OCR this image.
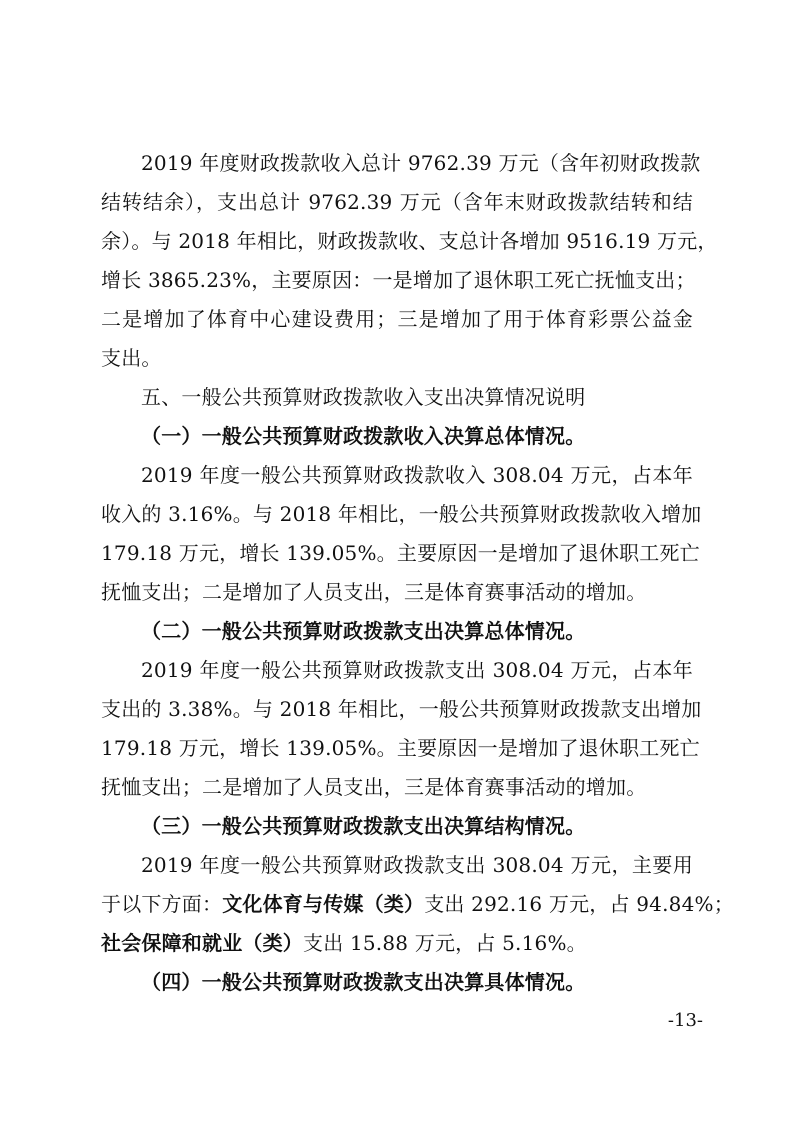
2019 年度财政拨款收入总计 9762.39 万元（含年初财政拨款
结转结余），支出总计 9762.39 万元（含年末财政拨款结转和结
余）。与 2018 年相比，财政拨款收、支总计各增加 9516.19 万元，
增长 3865.23%，主要原因：一是增加了退休职工死亡抚恤支出；
二是增加了体育中心建设费用；三是增加了用于体育彩票公益金
支出。
五、一般公共预算财政拨款收入支出决算情况说明
（一）一般公共预算财政拨款收入决算总体情况。
2019 年度一般公共预算财政拨款收入 308.04 万元，占本年
收入的 3.16%。与 2018 年相比，一般公共预算财政拨款收入增加
179.18 万元，增长 139.05%。主要原因一是增加了退休职工死亡
抚恤支出；二是增加了人员支出，三是体育赛事活动的增加。
（二）一般公共预算财政拨款支出决算总体情况。
2019 年度一般公共预算财政拨款支出 308.04 万元，占本年
支出的 3.38%。与 2018 年相比，一般公共预算财政拨款支出增加
179.18 万元，增长 139.05%。主要原因一是增加了退休职工死亡
抚恤支出；二是增加了人员支出，三是体育赛事活动的增加。
（三）一般公共预算财政拨款支出决算结构情况。
2019 年度一般公共预算财政拨款支出 308.04 万元，主要用
于以下方面：文化体育与传媒（类）支出 292.16 万元，占 94.84%；
社会保障和就业（类）支出 15.88 万元，占 5.16%。
（四）一般公共预算财政拨款支出决算具体情况。
-13-
